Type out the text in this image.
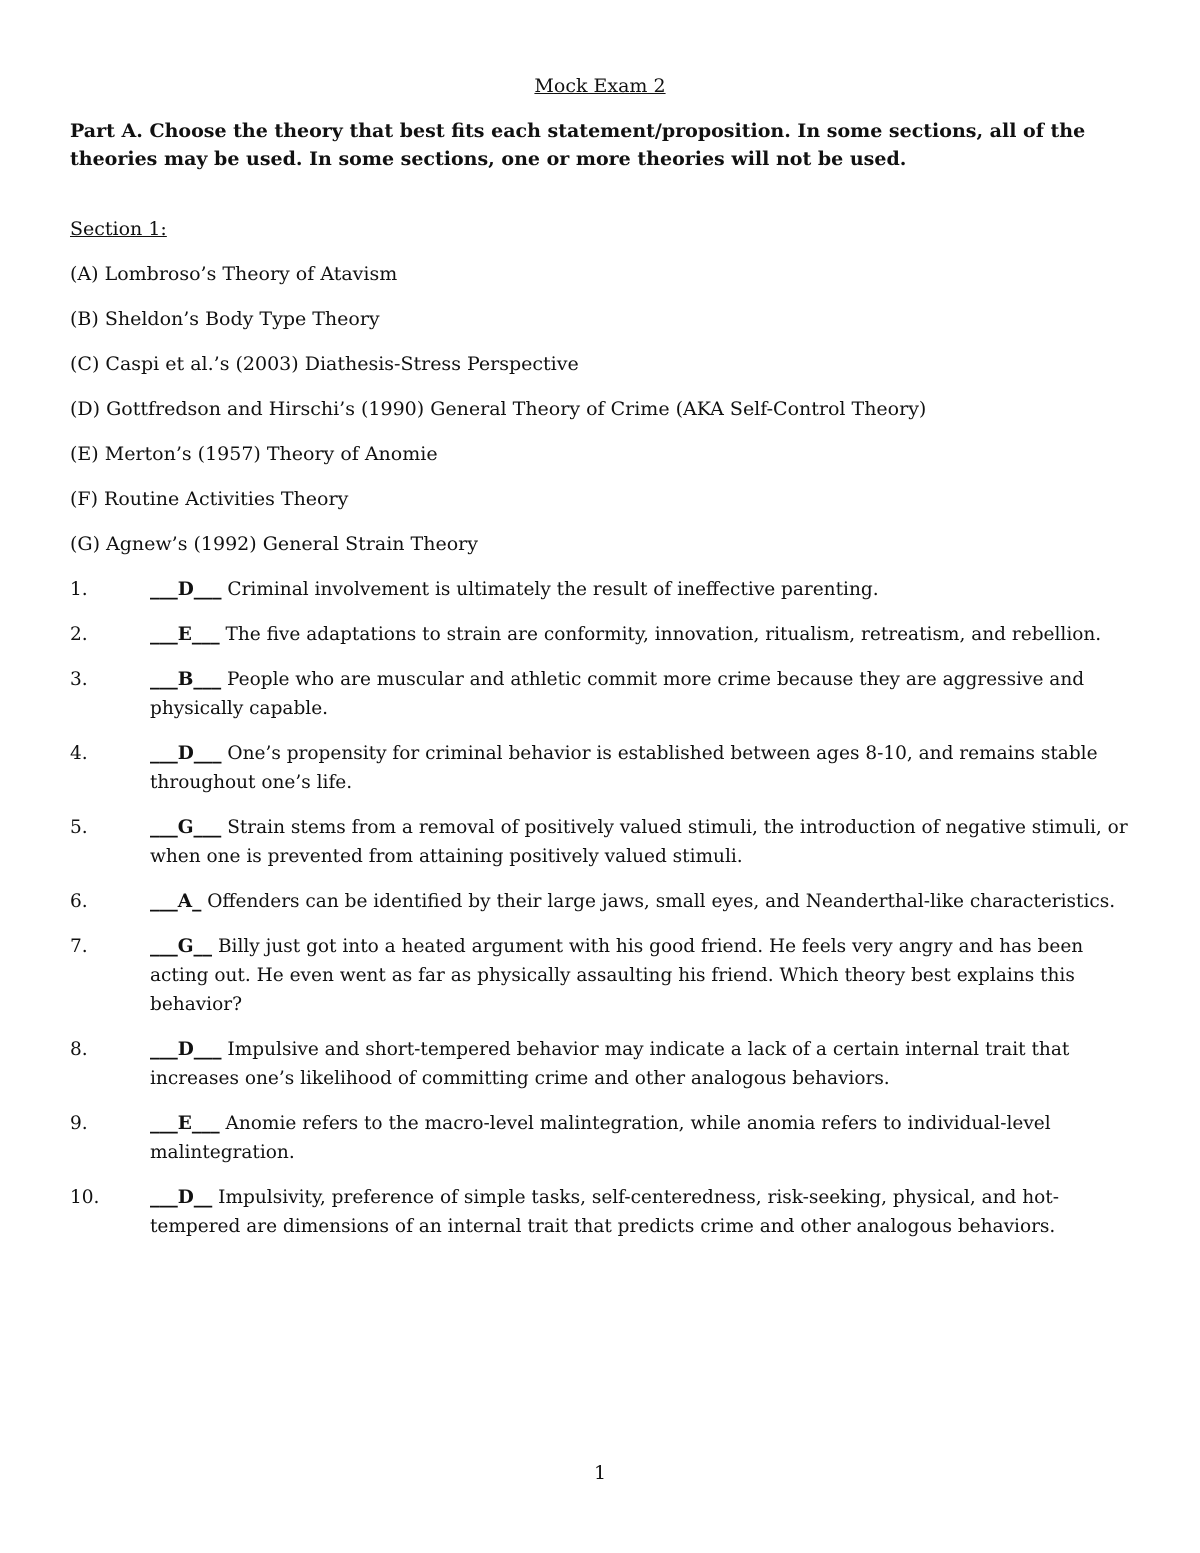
Mock Exam 2
Part A. Choose the theory that best fits each statement/proposition. In some sections, all of the theories may be used. In some sections, one or more theories will not be used.
Section 1:
(A) Lombroso’s Theory of Atavism
(B) Sheldon’s Body Type Theory
(C) Caspi et al.’s (2003) Diathesis-Stress Perspective
(D) Gottfredson and Hirschi’s (1990) General Theory of Crime (AKA Self-Control Theory)
(E) Merton’s (1957) Theory of Anomie
(F) Routine Activities Theory
(G) Agnew’s (1992) General Strain Theory
1.	___D___ Criminal involvement is ultimately the result of ineffective parenting.
2.	___E___ The five adaptations to strain are conformity, innovation, ritualism, retreatism, and rebellion.
3.	___B___ People who are muscular and athletic commit more crime because they are aggressive and physically capable.
4.	___D___ One’s propensity for criminal behavior is established between ages 8-10, and remains stable throughout one’s life.
5.	___G___ Strain stems from a removal of positively valued stimuli, the introduction of negative stimuli, or when one is prevented from attaining positively valued stimuli.
6.	___A_ Offenders can be identified by their large jaws, small eyes, and Neanderthal-like characteristics.
7.	___G__ Billy just got into a heated argument with his good friend. He feels very angry and has been acting out. He even went as far as physically assaulting his friend. Which theory best explains this behavior?
8.	___D___ Impulsive and short-tempered behavior may indicate a lack of a certain internal trait that increases one’s likelihood of committing crime and other analogous behaviors.
9.	___E___ Anomie refers to the macro-level malintegration, while anomia refers to individual-level malintegration.
10.	___D__ Impulsivity, preference of simple tasks, self-centeredness, risk-seeking, physical, and hot-tempered are dimensions of an internal trait that predicts crime and other analogous behaviors.
1
